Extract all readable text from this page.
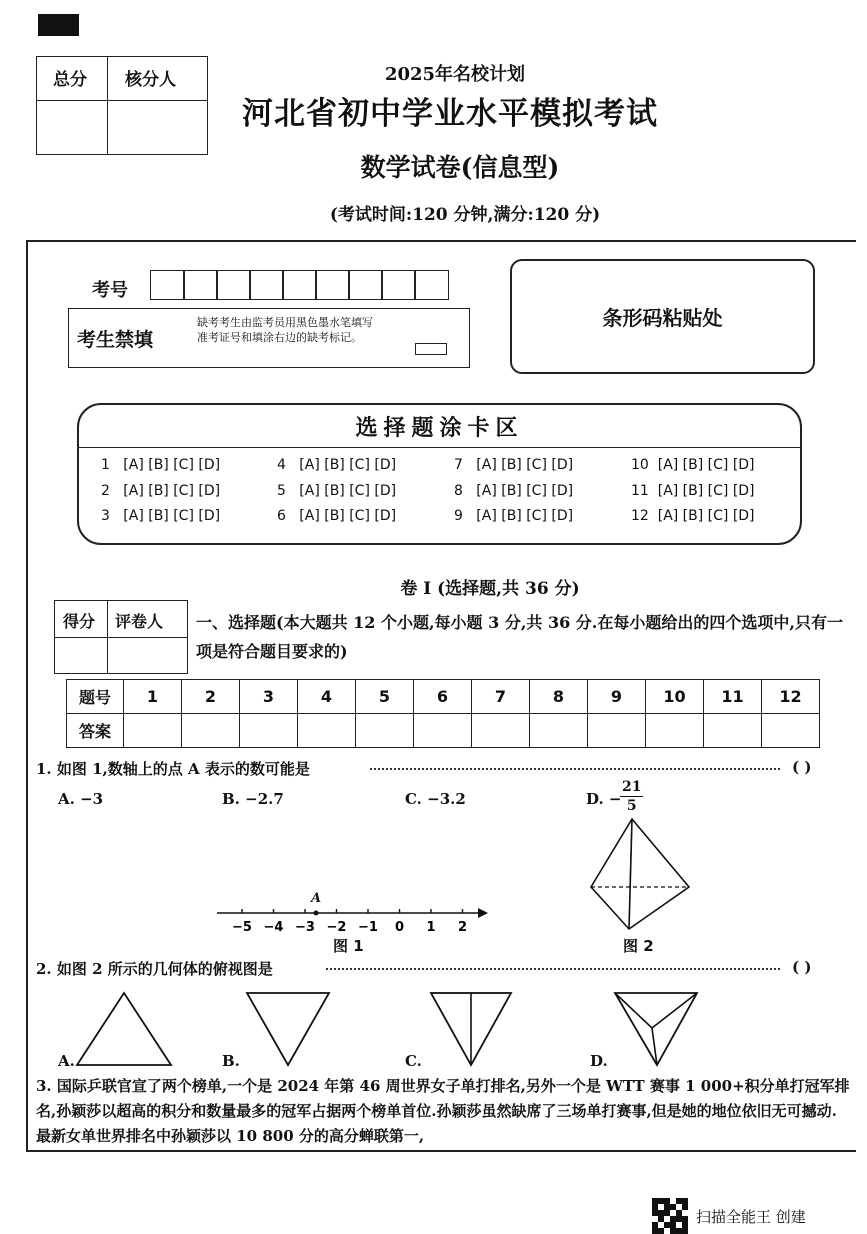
总分 核分人	2025年名校计划
河北省初中学业水平模拟考试
数学试卷(信息型)
(考试时间:120 分钟,满分:120 分)
考号
考生禁填
缺考考生由监考员用黑色墨水笔填写准考证号和填涂右边的缺考标记。
条形码粘贴处
选择题涂卡区
1 [A] [B] [C] [D]
2 [A] [B] [C] [D]
3 [A] [B] [C] [D]
4 [A] [B] [C] [D]
5 [A] [B] [C] [D]
6 [A] [B] [C] [D]
7 [A] [B] [C] [D]
8 [A] [B] [C] [D]
9 [A] [B] [C] [D]
10 [A] [B] [C] [D]
11 [A] [B] [C] [D]
12 [A] [B] [C] [D]
卷 I (选择题,共 36 分)
得分 评卷人 一、选择题(本大题共 12 个小题,每小题 3 分,共 36 分.在每小题给出的四个选项中,只有一项是符合题目要求的)
题号	1	2	3	4	5	6	7	8	9	10	11	12
答案												
1. 如图 1,数轴上的点 A 表示的数可能是	( )
A. −3	B. −2.7	C. −3.2	D. −
21
5
图 2
−5 −4 −3 −2 −1 0 1 2
A
图 1
2. 如图 2 所示的几何体的俯视图是	( )
A.	B.	C.	D.
3. 国际乒联官宣了两个榜单,一个是 2024 年第 46 周世界女子单打排名,另外一个是 WTT 赛事 1 000+积分单打冠军排名,孙颖莎以超高的积分和数量最多的冠军占据两个榜单首位.孙颖莎虽然缺席了三场单打赛事,但是她的地位依旧无可撼动.最新女单世界排名中孙颖莎以 10 800 分的高分蝉联第一,
扫描全能王 创建
